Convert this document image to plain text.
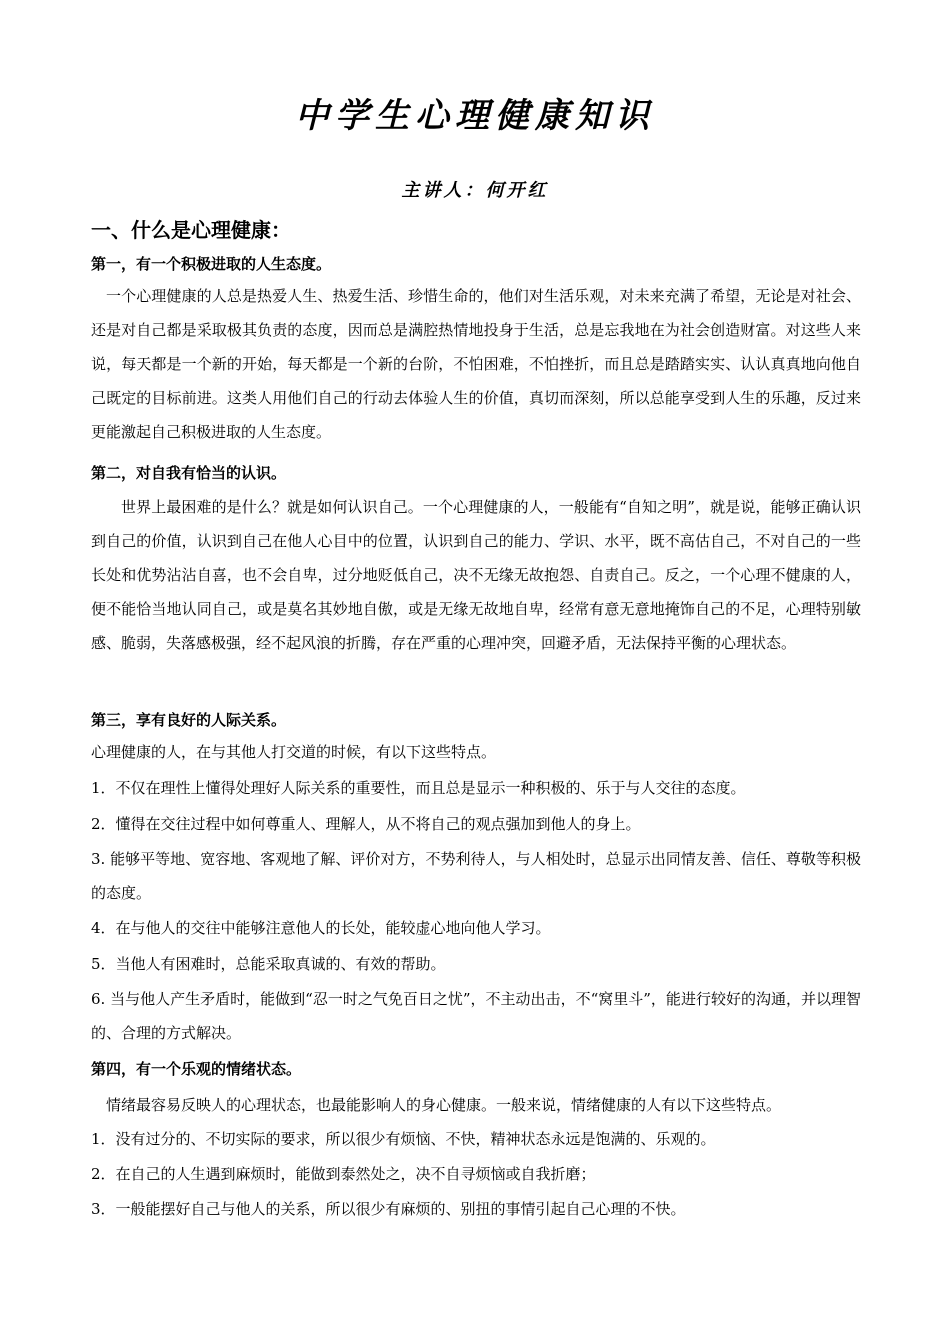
中学生心理健康知识
主讲人：何开红
一、什么是心理健康：
第一，有一个积极进取的人生态度。
一个心理健康的人总是热爱人生、热爱生活、珍惜生命的，他们对生活乐观，对未来充满了希望，无论是对社会、还是对自己都是采取极其负责的态度，因而总是满腔热情地投身于生活，总是忘我地在为社会创造财富。对这些人来说，每天都是一个新的开始，每天都是一个新的台阶，不怕困难，不怕挫折，而且总是踏踏实实、认认真真地向他自己既定的目标前进。这类人用他们自己的行动去体验人生的价值，真切而深刻，所以总能享受到人生的乐趣，反过来更能激起自己积极进取的人生态度。
第二，对自我有恰当的认识。
世界上最困难的是什么？就是如何认识自己。一个心理健康的人，一般能有“自知之明”，就是说，能够正确认识到自己的价值，认识到自己在他人心目中的位置，认识到自己的能力、学识、水平，既不高估自己，不对自己的一些长处和优势沾沾自喜，也不会自卑，过分地贬低自己，决不无缘无故抱怨、自责自己。反之，一个心理不健康的人，便不能恰当地认同自己，或是莫名其妙地自傲，或是无缘无故地自卑，经常有意无意地掩饰自己的不足，心理特别敏感、脆弱，失落感极强，经不起风浪的折腾，存在严重的心理冲突，回避矛盾，无法保持平衡的心理状态。
第三，享有良好的人际关系。
心理健康的人，在与其他人打交道的时候，有以下这些特点。
1．不仅在理性上懂得处理好人际关系的重要性，而且总是显示一种积极的、乐于与人交往的态度。
2．懂得在交往过程中如何尊重人、理解人，从不将自己的观点强加到他人的身上。
3. 能够平等地、宽容地、客观地了解、评价对方，不势利待人，与人相处时，总显示出同情友善、信任、尊敬等积极的态度。
4．在与他人的交往中能够注意他人的长处，能较虚心地向他人学习。
5．当他人有困难时，总能采取真诚的、有效的帮助。
6. 当与他人产生矛盾时，能做到“忍一时之气免百日之忧”，不主动出击，不“窝里斗”，能进行较好的沟通，并以理智的、合理的方式解决。
第四，有一个乐观的情绪状态。
情绪最容易反映人的心理状态，也最能影响人的身心健康。一般来说，情绪健康的人有以下这些特点。
1．没有过分的、不切实际的要求，所以很少有烦恼、不快，精神状态永远是饱满的、乐观的。
2．在自己的人生遇到麻烦时，能做到泰然处之，决不自寻烦恼或自我折磨；
3．一般能摆好自己与他人的关系，所以很少有麻烦的、别扭的事情引起自己心理的不快。
